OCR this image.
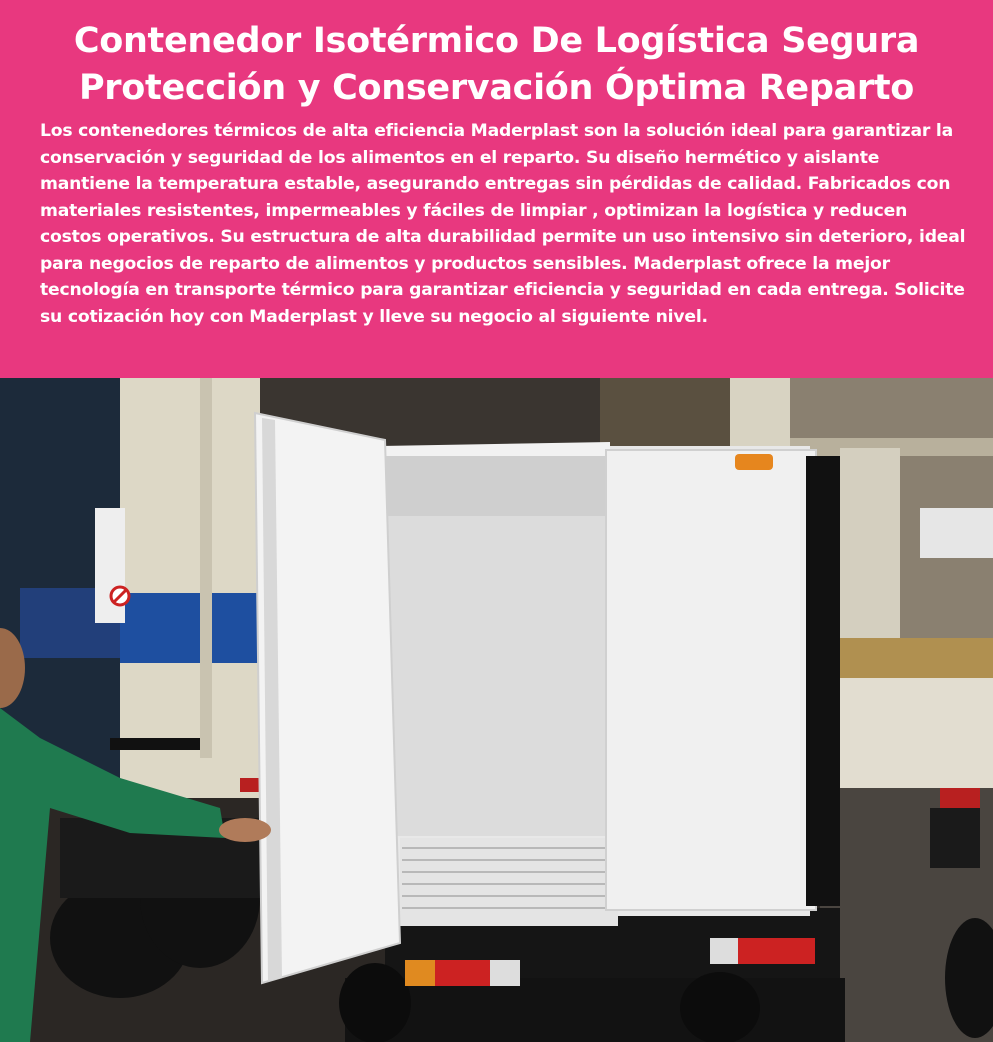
Contenedor Isotérmico De Logística Segura
Protección y Conservación Óptima Reparto

Los contenedores térmicos de alta eficiencia Maderplast son la solución ideal para garantizar la conservación y seguridad de los alimentos en el reparto. Su diseño hermético y aislante mantiene la temperatura estable, asegurando entregas sin pérdidas de calidad. Fabricados con materiales resistentes, impermeables y fáciles de limpiar , optimizan la logística y reducen costos operativos. Su estructura de alta durabilidad permite un uso intensivo sin deterioro, ideal para negocios de reparto de alimentos y productos sensibles. Maderplast ofrece la mejor tecnología en transporte térmico para garantizar eficiencia y seguridad en cada entrega. Solicite su cotización hoy con Maderplast y lleve su negocio al siguiente nivel.
